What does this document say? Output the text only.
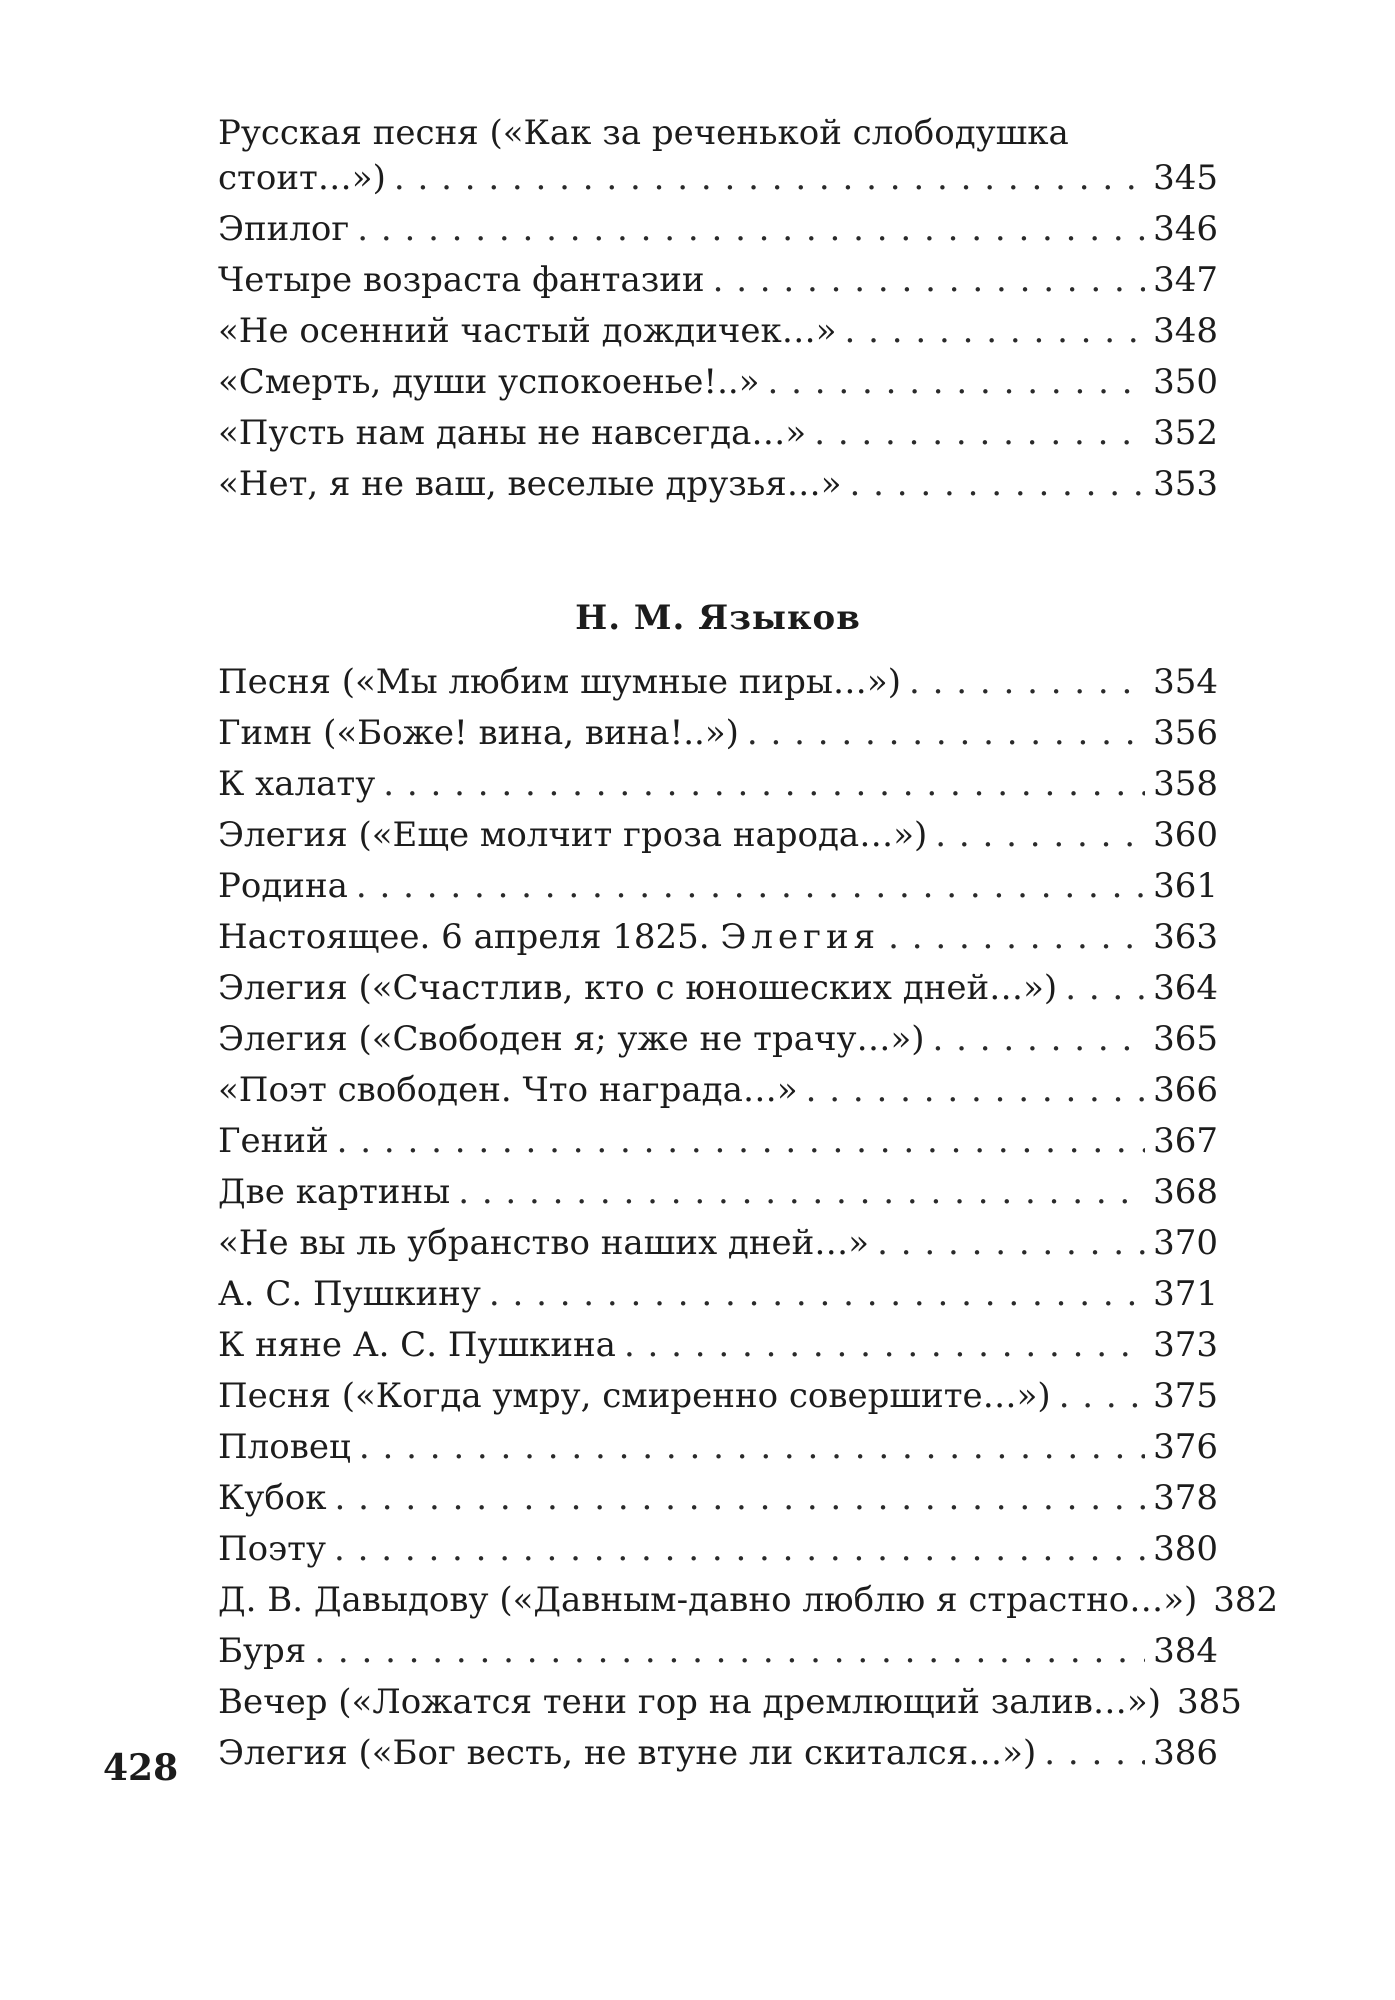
Русская песня («Как за реченькой слободушка
стоит…») . . .	345
Эпилог . . .	346
Четыре возраста фантазии . . .	347
«Не осенний частый дождичек…» . . .	348
«Смерть, души успокоенье!..» . . .	350
«Пусть нам даны не навсегда…» . . .	352
«Нет, я не ваш, веселые друзья…» . . .	353
Н. М. Языков
Песня («Мы любим шумные пиры…») . . .	354
Гимн («Боже! вина, вина!..») . . .	356
К халату . . .	358
Элегия («Еще молчит гроза народа…») . . .	360
Родина . . .	361
Настоящее. 6 апреля 1825. Элегия . . .	363
Элегия («Счастлив, кто с юношеских дней…») . . .	364
Элегия («Свободен я; уже не трачу…») . . .	365
«Поэт свободен. Что награда…» . . .	366
Гений . . .	367
Две картины . . .	368
«Не вы ль убранство наших дней…» . . .	370
А. С. Пушкину . . .	371
К няне А. С. Пушкина . . .	373
Песня («Когда умру, смиренно совершите…») . . .	375
Пловец . . .	376
Кубок . . .	378
Поэту . . .	380
Д. В. Давыдову («Давным-давно люблю я страстно…») 382
Буря . . .	384
Вечер («Ложатся тени гор на дремлющий залив…») 385
Элегия («Бог весть, не втуне ли скитался…») . . .	386
428
